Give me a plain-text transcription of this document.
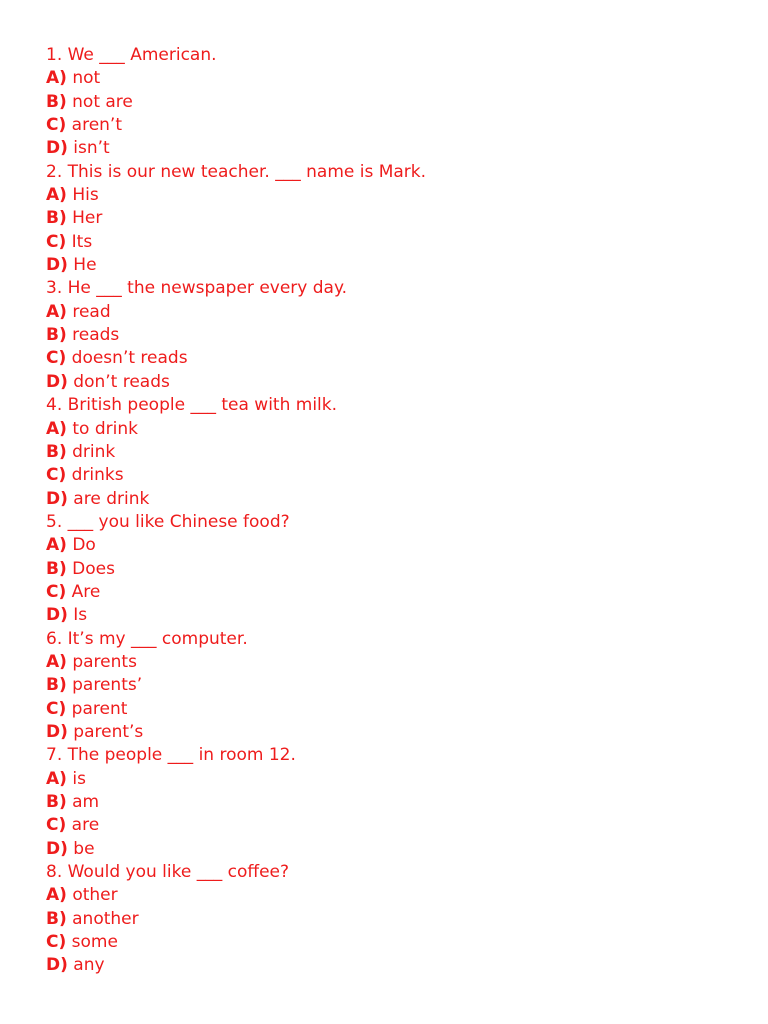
1. We ___ American.
A) not
B) not are
C) aren’t
D) isn’t
2. This is our new teacher. ___ name is Mark.
A) His
B) Her
C) Its
D) He
3. He ___ the newspaper every day.
A) read
B) reads
C) doesn’t reads
D) don’t reads
4. British people ___ tea with milk.
A) to drink
B) drink
C) drinks
D) are drink
5. ___ you like Chinese food?
A) Do
B) Does
C) Are
D) Is
6. It’s my ___ computer.
A) parents
B) parents’
C) parent
D) parent’s
7. The people ___ in room 12.
A) is
B) am
C) are
D) be
8. Would you like ___ coffee?
A) other
B) another
C) some
D) any
